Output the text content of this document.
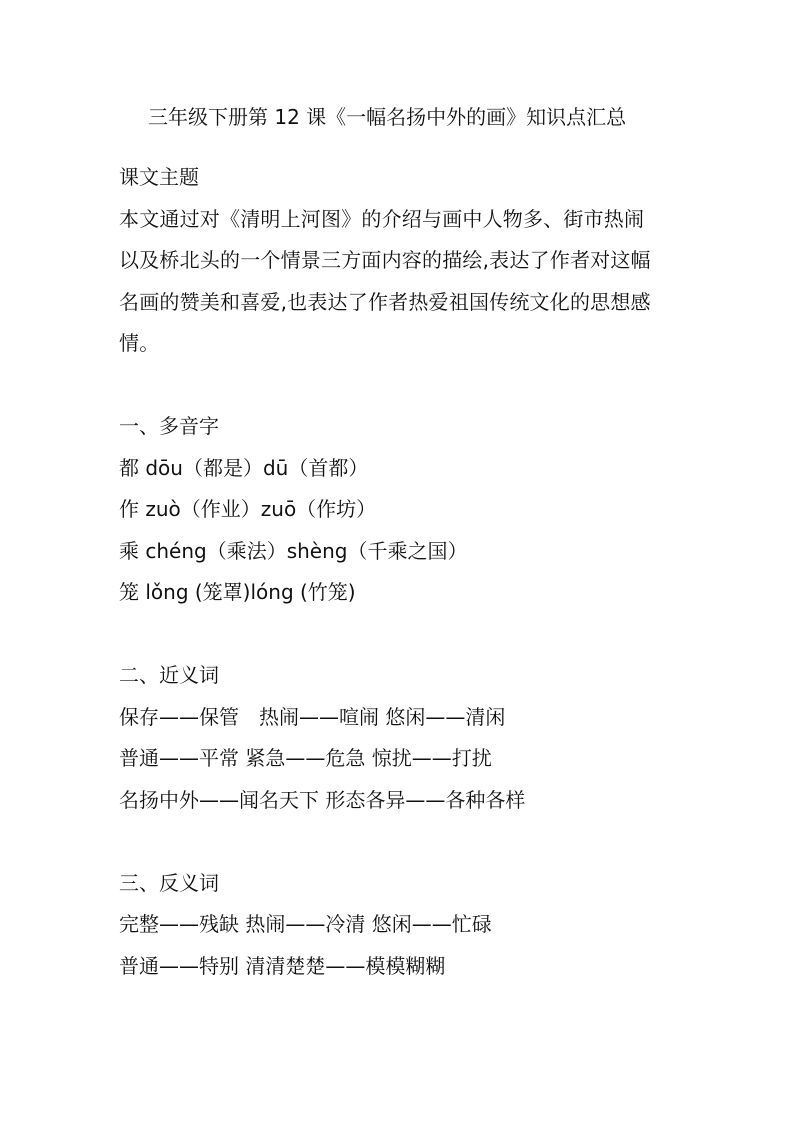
三年级下册第 12 课《一幅名扬中外的画》知识点汇总
课文主题
本文通过对《清明上河图》的介绍与画中人物多、街市热闹
以及桥北头的一个情景三方面内容的描绘,表达了作者对这幅
名画的赞美和喜爱,也表达了作者热爱祖国传统文化的思想感
情。
一、多音字
都 dōu（都是）dū（首都）
作 zuò（作业）zuō（作坊）
乘 chéng（乘法）shèng（千乘之国）
笼 lǒng (笼罩)lóng (竹笼)
二、近义词
保存——保管　热闹——喧闹 悠闲——清闲
普通——平常 紧急——危急 惊扰——打扰
名扬中外——闻名天下 形态各异——各种各样
三、反义词
完整——残缺 热闹——冷清 悠闲——忙碌
普通——特别 清清楚楚——模模糊糊
